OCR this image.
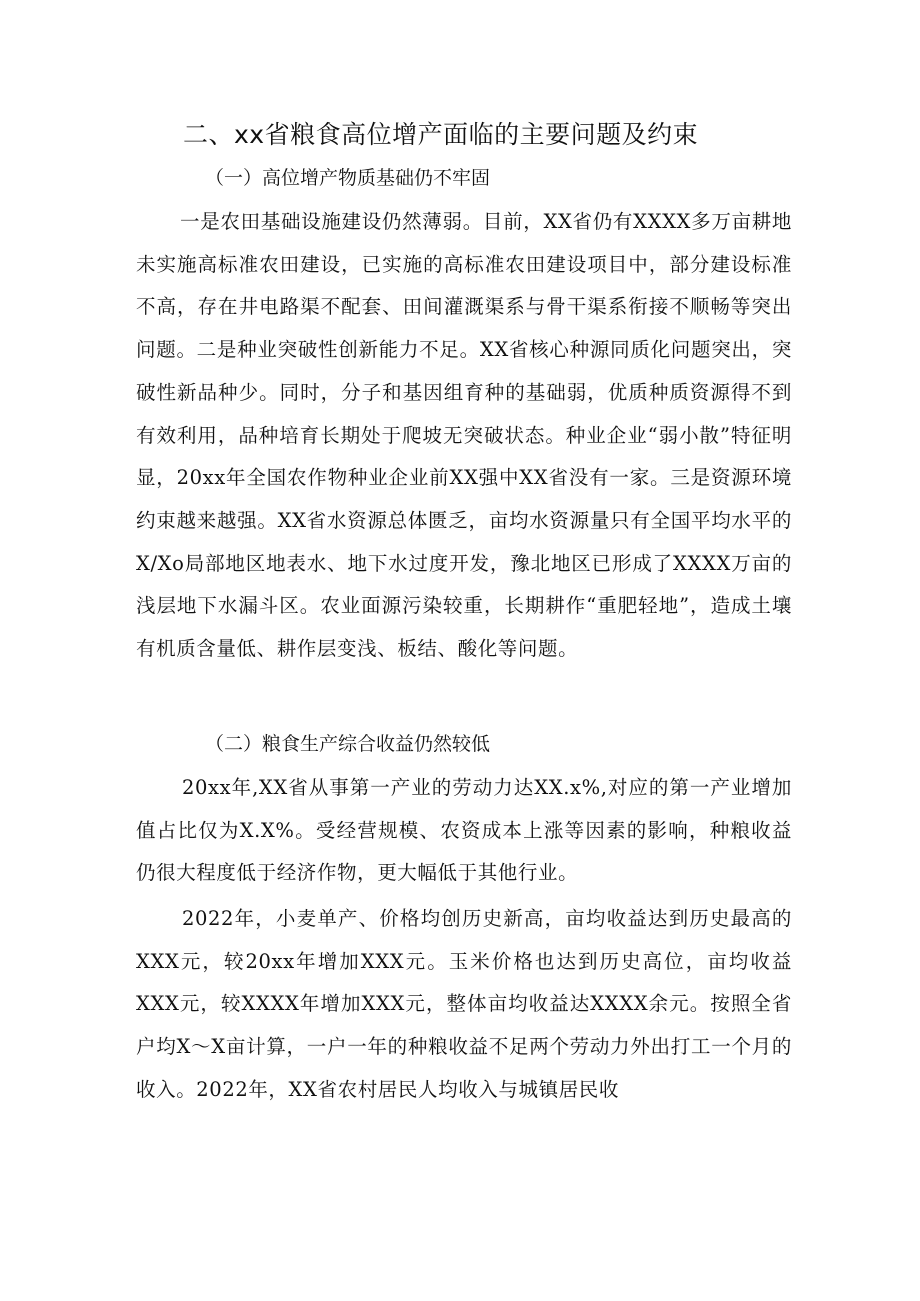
二、xx省粮食高位增产面临的主要问题及约束
（一）高位增产物质基础仍不牢固
一是农田基础设施建设仍然薄弱。目前，XX省仍有XXXX多万亩耕地未实施高标准农田建设，已实施的高标准农田建设项目中，部分建设标准不高，存在井电路渠不配套、田间灌溉渠系与骨干渠系衔接不顺畅等突出问题。二是种业突破性创新能力不足。XX省核心种源同质化问题突出，突破性新品种少。同时，分子和基因组育种的基础弱，优质种质资源得不到有效利用，品种培育长期处于爬坡无突破状态。种业企业“弱小散”特征明显，20xx年全国农作物种业企业前XX强中XX省没有一家。三是资源环境约束越来越强。XX省水资源总体匮乏，亩均水资源量只有全国平均水平的X/Xo局部地区地表水、地下水过度开发，豫北地区已形成了XXXX万亩的浅层地下水漏斗区。农业面源污染较重，长期耕作“重肥轻地”，造成土壤有机质含量低、耕作层变浅、板结、酸化等问题。
（二）粮食生产综合收益仍然较低
20xx年,XX省从事第一产业的劳动力达XX.x%,对应的第一产业增加值占比仅为X.X%。受经营规模、农资成本上涨等因素的影响，种粮收益仍很大程度低于经济作物，更大幅低于其他行业。
2022年，小麦单产、价格均创历史新高，亩均收益达到历史最高的XXX元，较20xx年增加XXX元。玉米价格也达到历史高位，亩均收益XXX元，较XXXX年增加XXX元，整体亩均收益达XXXX余元。按照全省户均X〜X亩计算，一户一年的种粮收益不足两个劳动力外出打工一个月的收入。2022年，XX省农村居民人均收入与城镇居民收
